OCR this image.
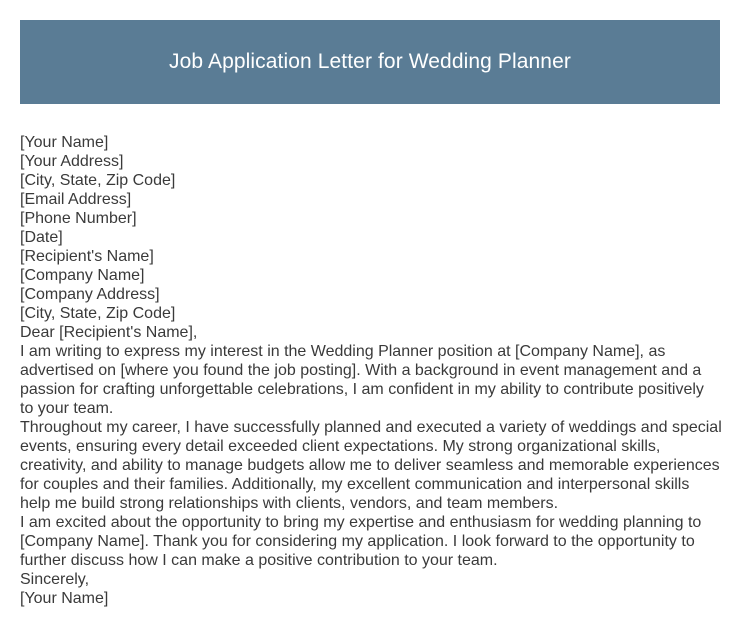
Job Application Letter for Wedding Planner
[Your Name]
[Your Address]
[City, State, Zip Code]
[Email Address]
[Phone Number]
[Date]
[Recipient's Name]
[Company Name]
[Company Address]
[City, State, Zip Code]
Dear [Recipient's Name],
I am writing to express my interest in the Wedding Planner position at [Company Name], as
advertised on [where you found the job posting]. With a background in event management and a
passion for crafting unforgettable celebrations, I am confident in my ability to contribute positively
to your team.
Throughout my career, I have successfully planned and executed a variety of weddings and special
events, ensuring every detail exceeded client expectations. My strong organizational skills,
creativity, and ability to manage budgets allow me to deliver seamless and memorable experiences
for couples and their families. Additionally, my excellent communication and interpersonal skills
help me build strong relationships with clients, vendors, and team members.
I am excited about the opportunity to bring my expertise and enthusiasm for wedding planning to
[Company Name]. Thank you for considering my application. I look forward to the opportunity to
further discuss how I can make a positive contribution to your team.
Sincerely,
[Your Name]
